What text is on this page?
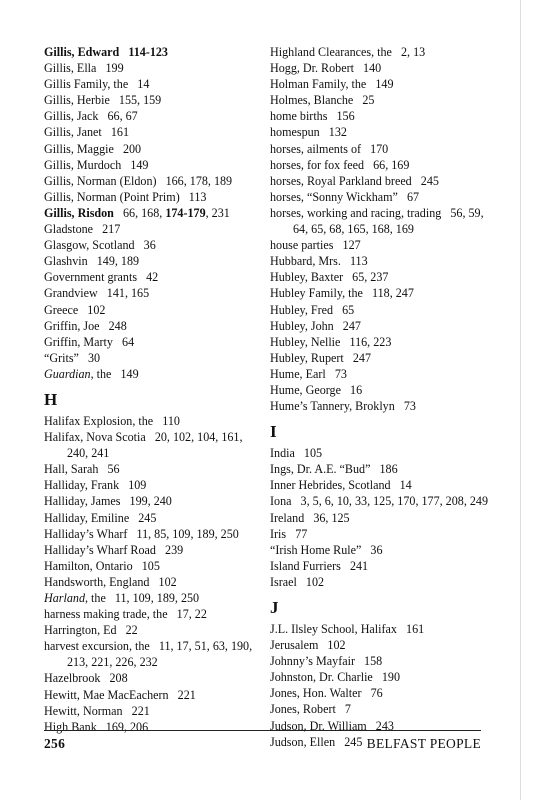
Gillis, Edward   114-123
Gillis, Ella   199
Gillis Family, the   14
Gillis, Herbie   155, 159
Gillis, Jack   66, 67
Gillis, Janet   161
Gillis, Maggie   200
Gillis, Murdoch   149
Gillis, Norman (Eldon)   166, 178, 189
Gillis, Norman (Point Prim)   113
Gillis, Risdon   66, 168, 174-179, 231
Gladstone   217
Glasgow, Scotland   36
Glashvin   149, 189
Government grants   42
Grandview   141, 165
Greece   102
Griffin, Joe   248
Griffin, Marty   64
“Grits”   30
Guardian, the   149
H
Halifax Explosion, the   110
Halifax, Nova Scotia   20, 102, 104, 161, 240, 241
Hall, Sarah   56
Halliday, Frank   109
Halliday, James   199, 240
Halliday, Emiline   245
Halliday’s Wharf   11, 85, 109, 189, 250
Halliday’s Wharf Road   239
Hamilton, Ontario   105
Handsworth, England   102
Harland, the   11, 109, 189, 250
harness making trade, the   17, 22
Harrington, Ed   22
harvest excursion, the   11, 17, 51, 63, 190, 213, 221, 226, 232
Hazelbrook   208
Hewitt, Mae MacEachern   221
Hewitt, Norman   221
High Bank   169, 206
Highland Clearances, the   2, 13
Hogg, Dr. Robert   140
Holman Family, the   149
Holmes, Blanche   25
home births   156
homespun   132
horses, ailments of   170
horses, for fox feed   66, 169
horses, Royal Parkland breed   245
horses, “Sonny Wickham”   67
horses, working and racing, trading   56, 59, 64, 65, 68, 165, 168, 169
house parties   127
Hubbard, Mrs.   113
Hubley, Baxter   65, 237
Hubley Family, the   118, 247
Hubley, Fred   65
Hubley, John   247
Hubley, Nellie   116, 223
Hubley, Rupert   247
Hume, Earl   73
Hume, George   16
Hume’s Tannery, Broklyn   73
I
India   105
Ings, Dr. A.E. “Bud”   186
Inner Hebrides, Scotland   14
Iona   3, 5, 6, 10, 33, 125, 170, 177, 208, 249
Ireland   36, 125
Iris   77
“Irish Home Rule”   36
Island Furriers   241
Israel   102
J
J.L. Ilsley School, Halifax   161
Jerusalem   102
Johnny’s Mayfair   158
Johnston, Dr. Charlie   190
Jones, Hon. Walter   76
Jones, Robert   7
Judson, Dr. William   243
Judson, Ellen   245
256	BELFAST PEOPLE
